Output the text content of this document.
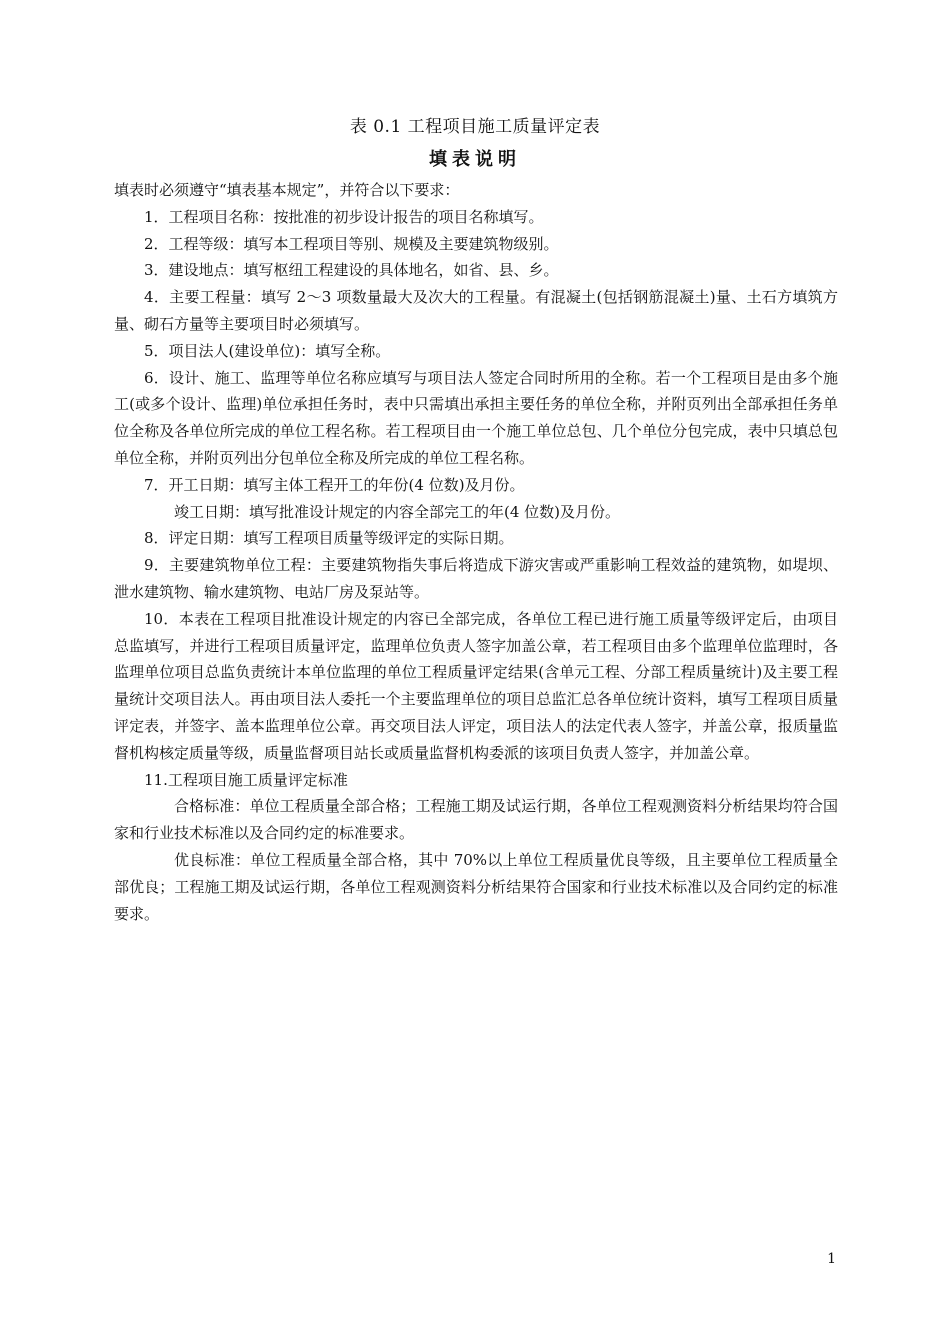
表 0.1 工程项目施工质量评定表
填表说明

填表时必须遵守“填表基本规定”，并符合以下要求：

1．工程项目名称：按批准的初步设计报告的项目名称填写。

2．工程等级：填写本工程项目等别、规模及主要建筑物级别。

3．建设地点：填写枢纽工程建设的具体地名，如省、县、乡。

4．主要工程量：填写 2～3 项数量最大及次大的工程量。有混凝土(包括钢筋混凝土)量、土石方填筑方量、砌石方量等主要项目时必须填写。

5．项目法人(建设单位)：填写全称。

6．设计、施工、监理等单位名称应填写与项目法人签定合同时所用的全称。若一个工程项目是由多个施工(或多个设计、监理)单位承担任务时，表中只需填出承担主要任务的单位全称，并附页列出全部承担任务单位全称及各单位所完成的单位工程名称。若工程项目由一个施工单位总包、几个单位分包完成，表中只填总包单位全称，并附页列出分包单位全称及所完成的单位工程名称。

7．开工日期：填写主体工程开工的年份(4 位数)及月份。

竣工日期：填写批准设计规定的内容全部完工的年(4 位数)及月份。

8．评定日期：填写工程项目质量等级评定的实际日期。

9．主要建筑物单位工程：主要建筑物指失事后将造成下游灾害或严重影响工程效益的建筑物，如堤坝、泄水建筑物、输水建筑物、电站厂房及泵站等。

10．本表在工程项目批准设计规定的内容已全部完成，各单位工程已进行施工质量等级评定后，由项目总监填写，并进行工程项目质量评定，监理单位负责人签字加盖公章，若工程项目由多个监理单位监理时，各监理单位项目总监负责统计本单位监理的单位工程质量评定结果(含单元工程、分部工程质量统计)及主要工程量统计交项目法人。再由项目法人委托一个主要监理单位的项目总监汇总各单位统计资料，填写工程项目质量评定表，并签字、盖本监理单位公章。再交项目法人评定，项目法人的法定代表人签字，并盖公章，报质量监督机构核定质量等级，质量监督项目站长或质量监督机构委派的该项目负责人签字，并加盖公章。

11.工程项目施工质量评定标准

合格标准：单位工程质量全部合格；工程施工期及试运行期，各单位工程观测资料分析结果均符合国家和行业技术标准以及合同约定的标准要求。

优良标准：单位工程质量全部合格，其中 70%以上单位工程质量优良等级，且主要单位工程质量全部优良；工程施工期及试运行期，各单位工程观测资料分析结果符合国家和行业技术标准以及合同约定的标准要求。

1
